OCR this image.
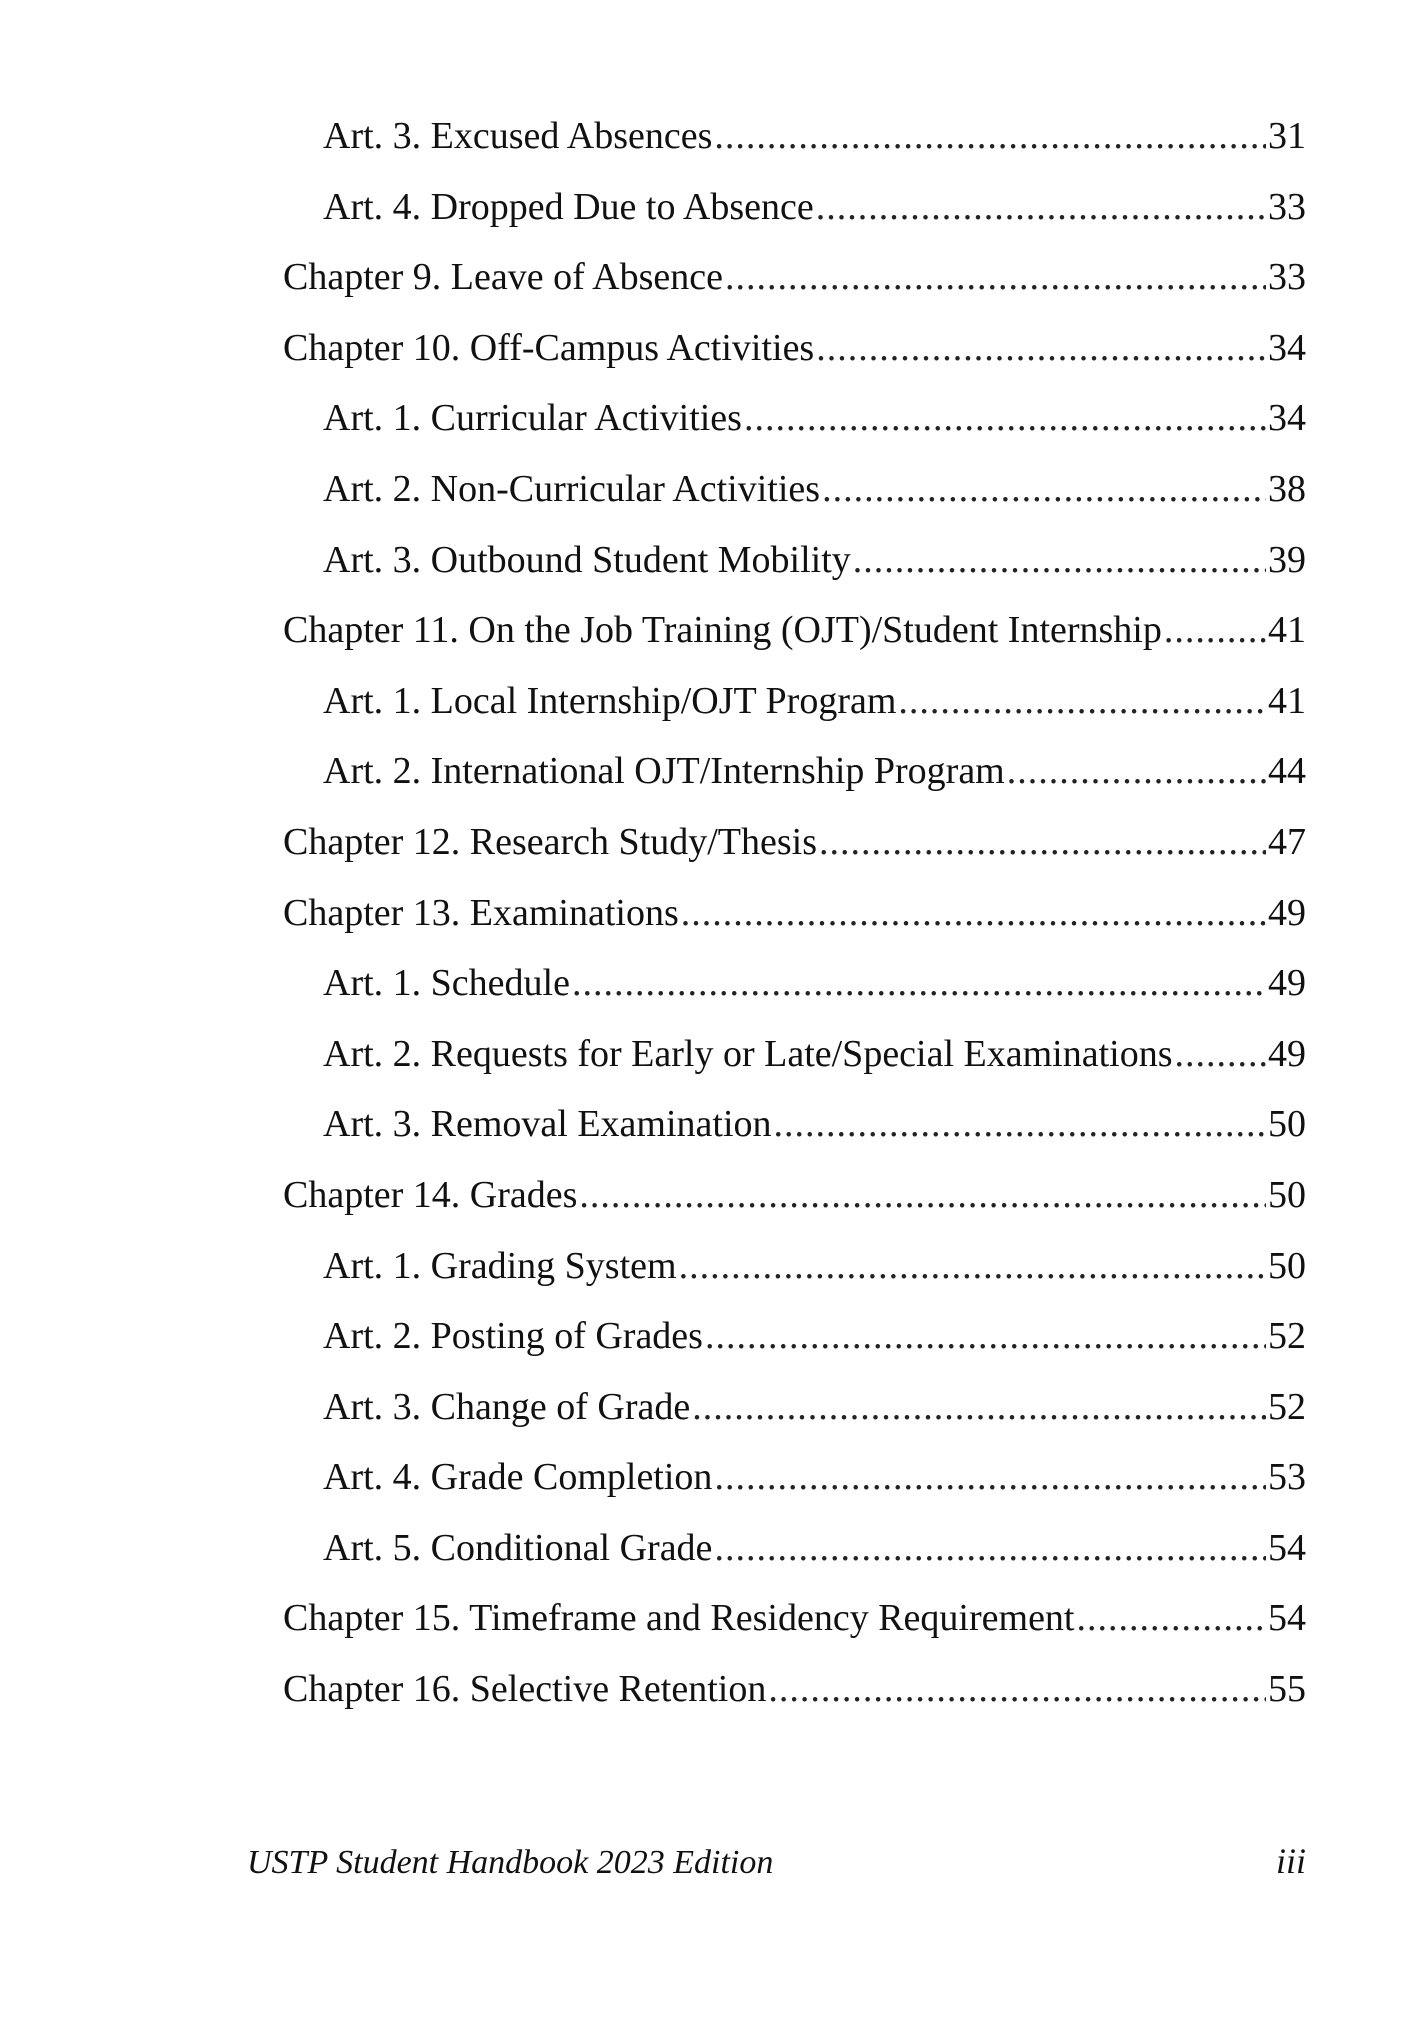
Art. 3. Excused Absences .....	31
Art. 4. Dropped Due to Absence .....	33
Chapter 9. Leave of Absence .....	33
Chapter 10. Off-Campus Activities .....	34
Art. 1. Curricular Activities .....	34
Art. 2. Non-Curricular Activities .....	38
Art. 3. Outbound Student Mobility .....	39
Chapter 11. On the Job Training (OJT)/Student Internship .....	41
Art. 1. Local Internship/OJT Program .....	41
Art. 2. International OJT/Internship Program .....	44
Chapter 12. Research Study/Thesis .....	47
Chapter 13. Examinations .....	49
Art. 1. Schedule .....	49
Art. 2. Requests for Early or Late/Special Examinations .....	49
Art. 3. Removal Examination .....	50
Chapter 14. Grades .....	50
Art. 1. Grading System .....	50
Art. 2. Posting of Grades .....	52
Art. 3. Change of Grade .....	52
Art. 4. Grade Completion .....	53
Art. 5. Conditional Grade .....	54
Chapter 15. Timeframe and Residency Requirement .....	54
Chapter 16. Selective Retention .....	55
USTP Student Handbook 2023 Edition	iii
